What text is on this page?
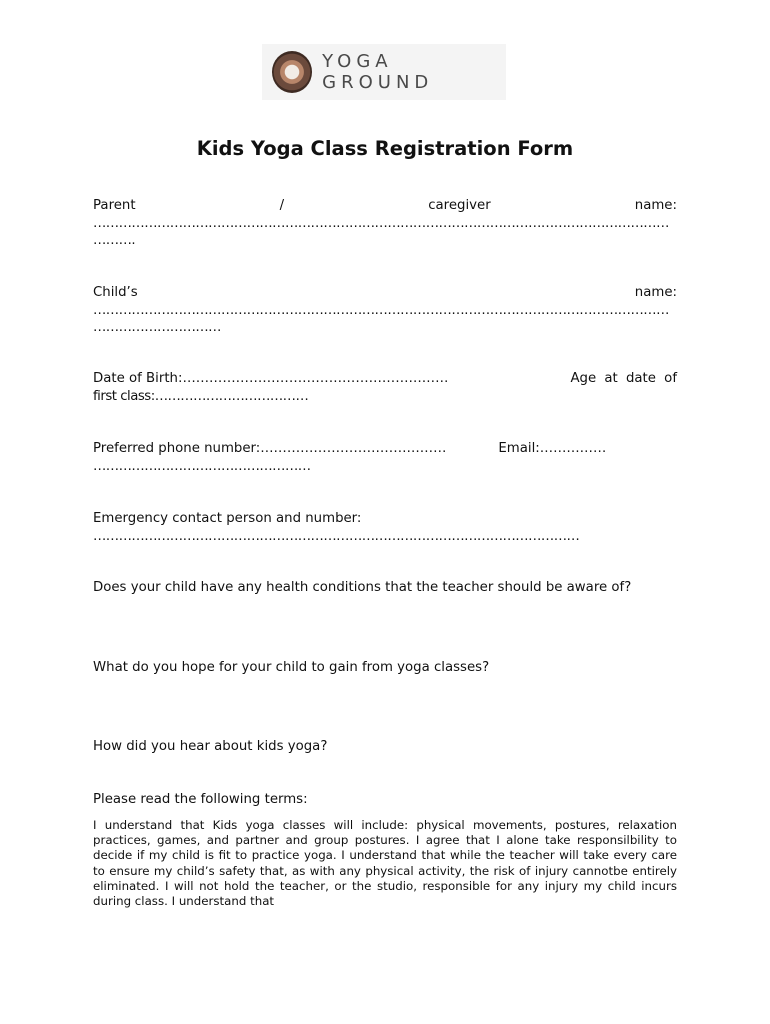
YOGA GROUND
Kids Yoga Class Registration Form
Parent	/	caregiver	name:
………………………………………………………………………………………………………………………
……….
Child’s	name:
………………………………………………………………………………………………………………………
…………………………
Date of Birth:……………………………………………………	Age at date of
first class:………………………………
Preferred phone number:……………………………………	Email:……………
……………………………………………
Emergency contact person and number:
……………………………………………………………………………………………………
Does your child have any health conditions that the teacher should be aware of?
What do you hope for your child to gain from yoga classes?
How did you hear about kids yoga?
Please read the following terms:

I understand that Kids yoga classes will include: physical movements, postures, relaxation practices, games, and partner and group postures. I agree that I alone take responsilbility to decide if my child is fit to practice yoga. I understand that while the teacher will take every care to ensure my child’s safety that, as with any physical activity, the risk of injury cannotbe entirely eliminated. I will not hold the teacher, or the studio, responsible for any injury my child incurs during class. I understand that
